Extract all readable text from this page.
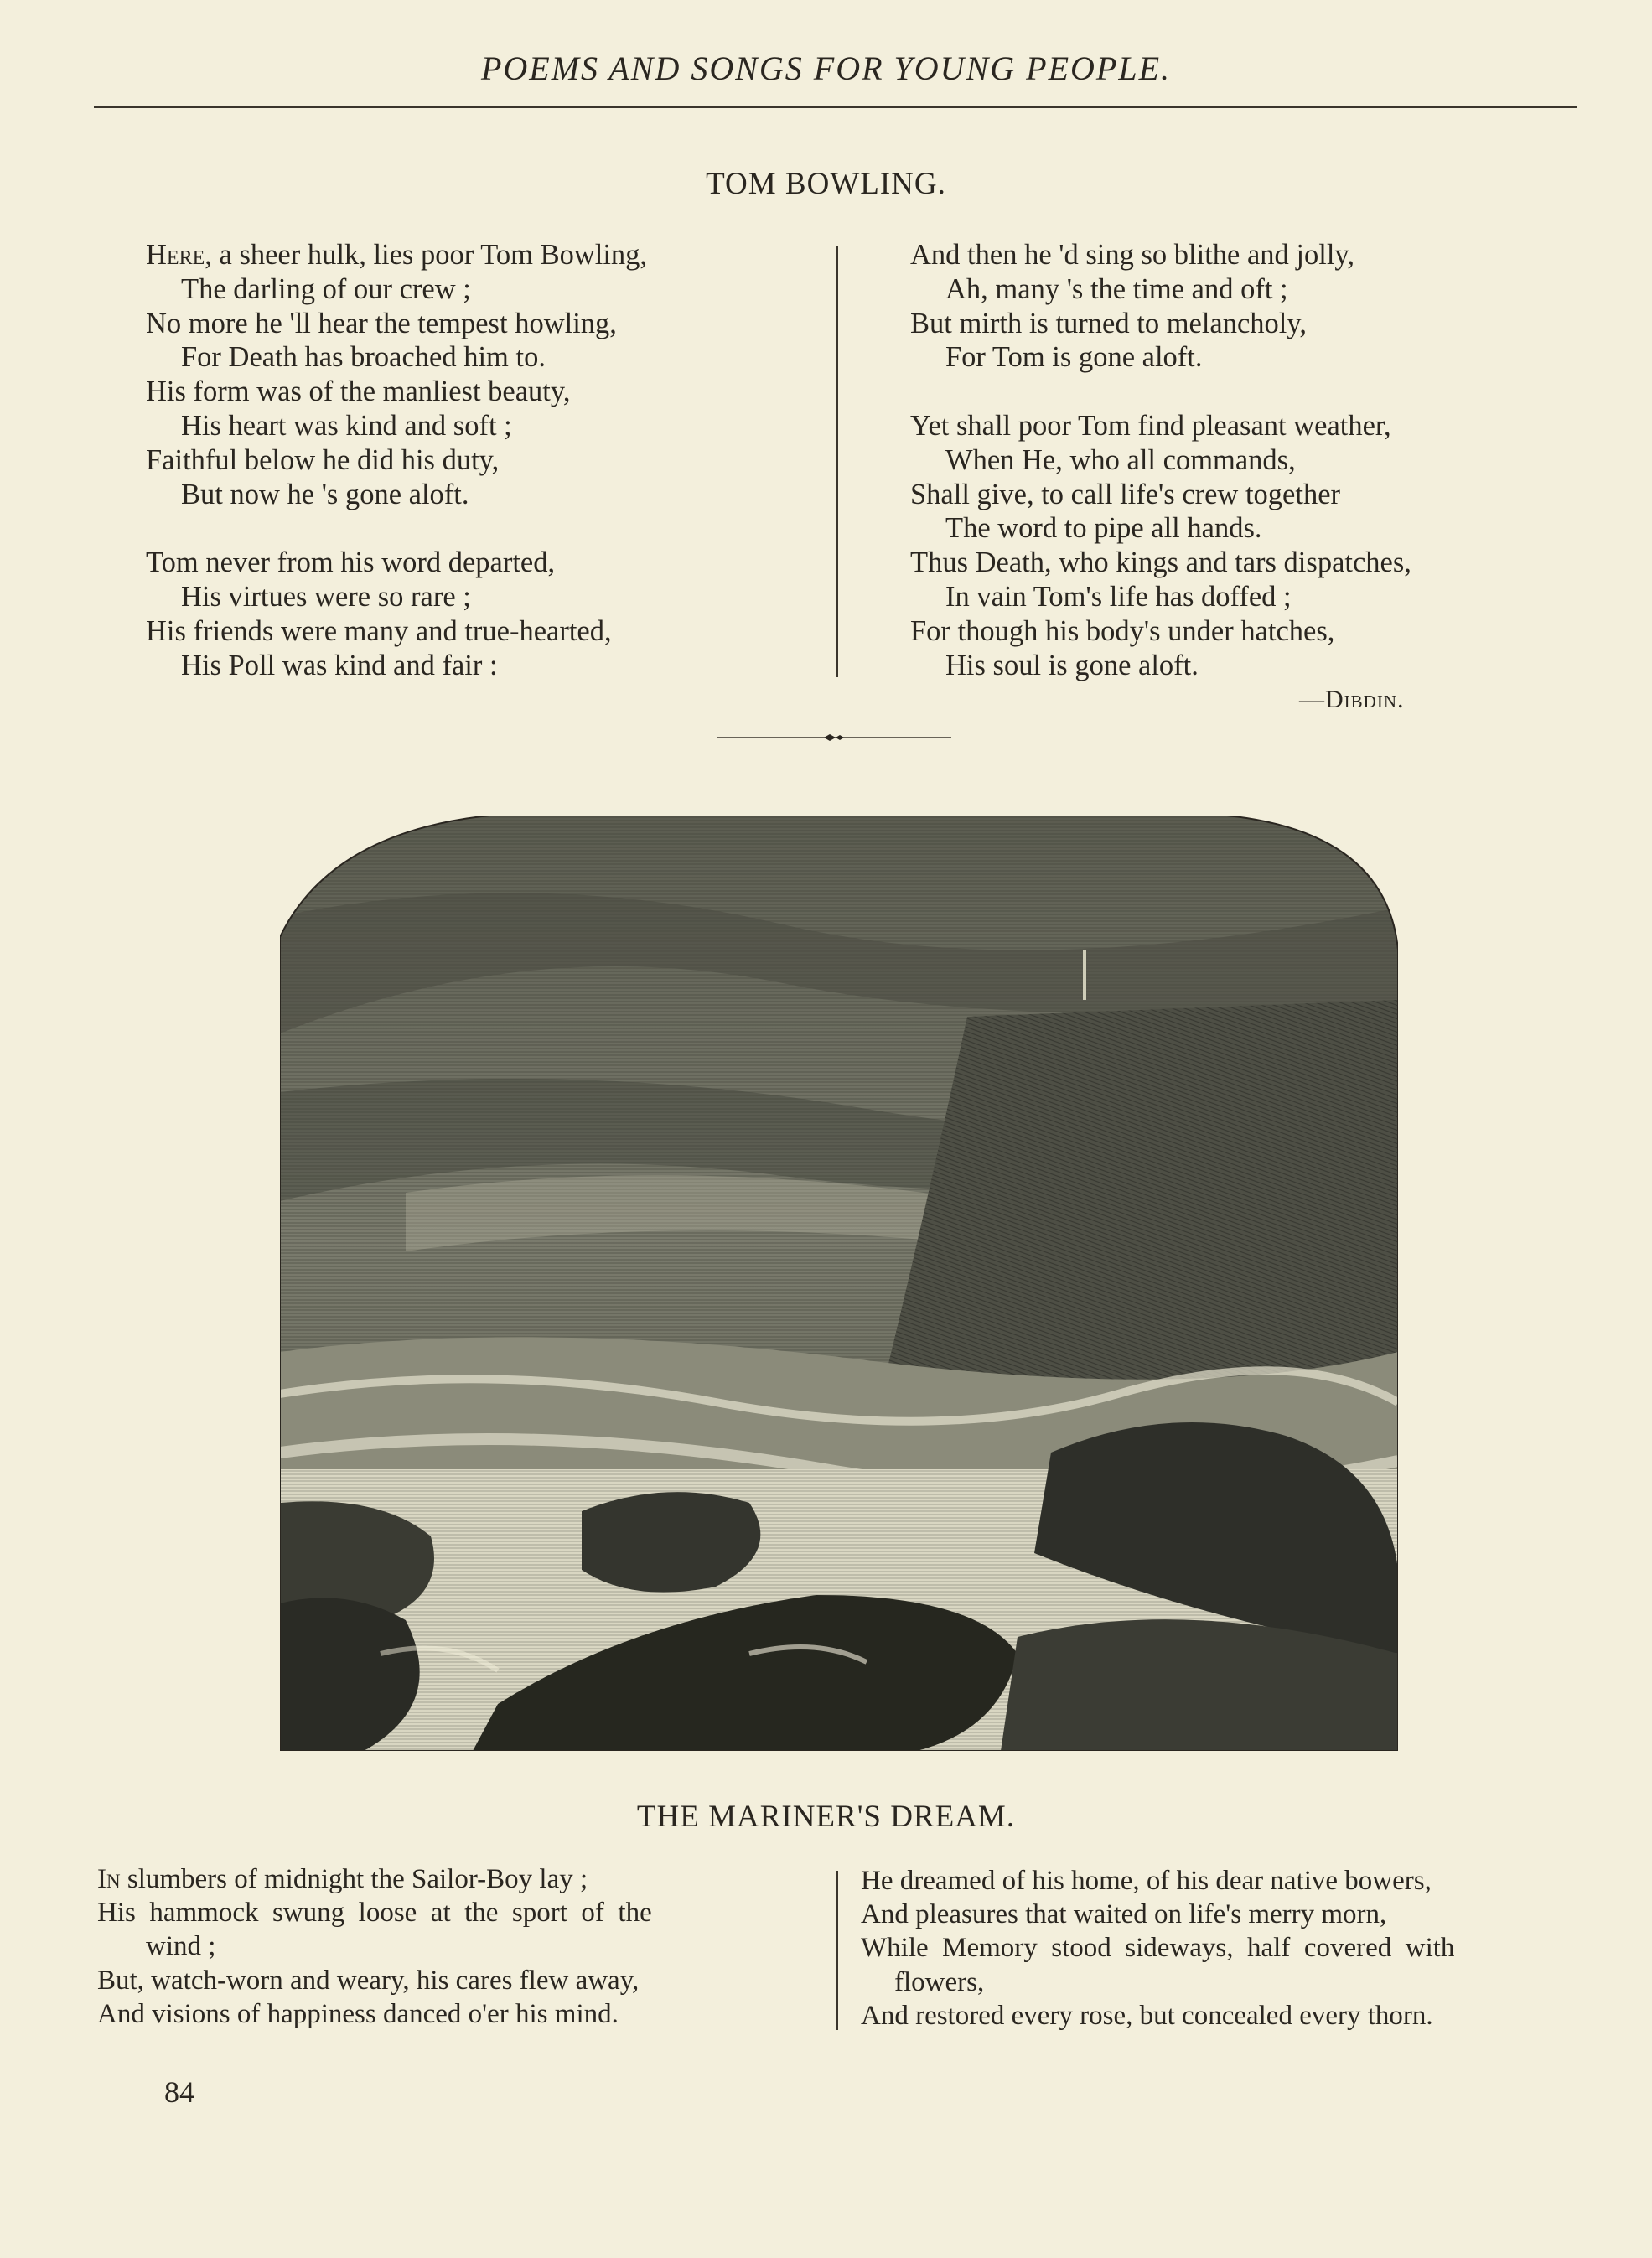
POEMS AND SONGS FOR YOUNG PEOPLE.
TOM BOWLING.
Here, a sheer hulk, lies poor Tom Bowling,
The darling of our crew ;
No more he 'll hear the tempest howling,
For Death has broached him to.
His form was of the manliest beauty,
His heart was kind and soft ;
Faithful below he did his duty,
But now he 's gone aloft.
Tom never from his word departed,
His virtues were so rare ;
His friends were many and true-hearted,
His Poll was kind and fair :
And then he 'd sing so blithe and jolly,
Ah, many 's the time and oft ;
But mirth is turned to melancholy,
For Tom is gone aloft.
Yet shall poor Tom find pleasant weather,
When He, who all commands,
Shall give, to call life's crew together
The word to pipe all hands.
Thus Death, who kings and tars dispatches,
In vain Tom's life has doffed ;
For though his body's under hatches,
His soul is gone aloft.
—Dibdin.
THE MARINER'S DREAM.
In slumbers of midnight the Sailor-Boy lay ;
His  hammock  swung  loose  at  the  sport  of  the
wind ;
But, watch-worn and weary, his cares flew away,
And visions of happiness danced o'er his mind.
He dreamed of his home, of his dear native bowers,
And pleasures that waited on life's merry morn,
While  Memory  stood  sideways,  half  covered  with
flowers,
And restored every rose, but concealed every thorn.
84
